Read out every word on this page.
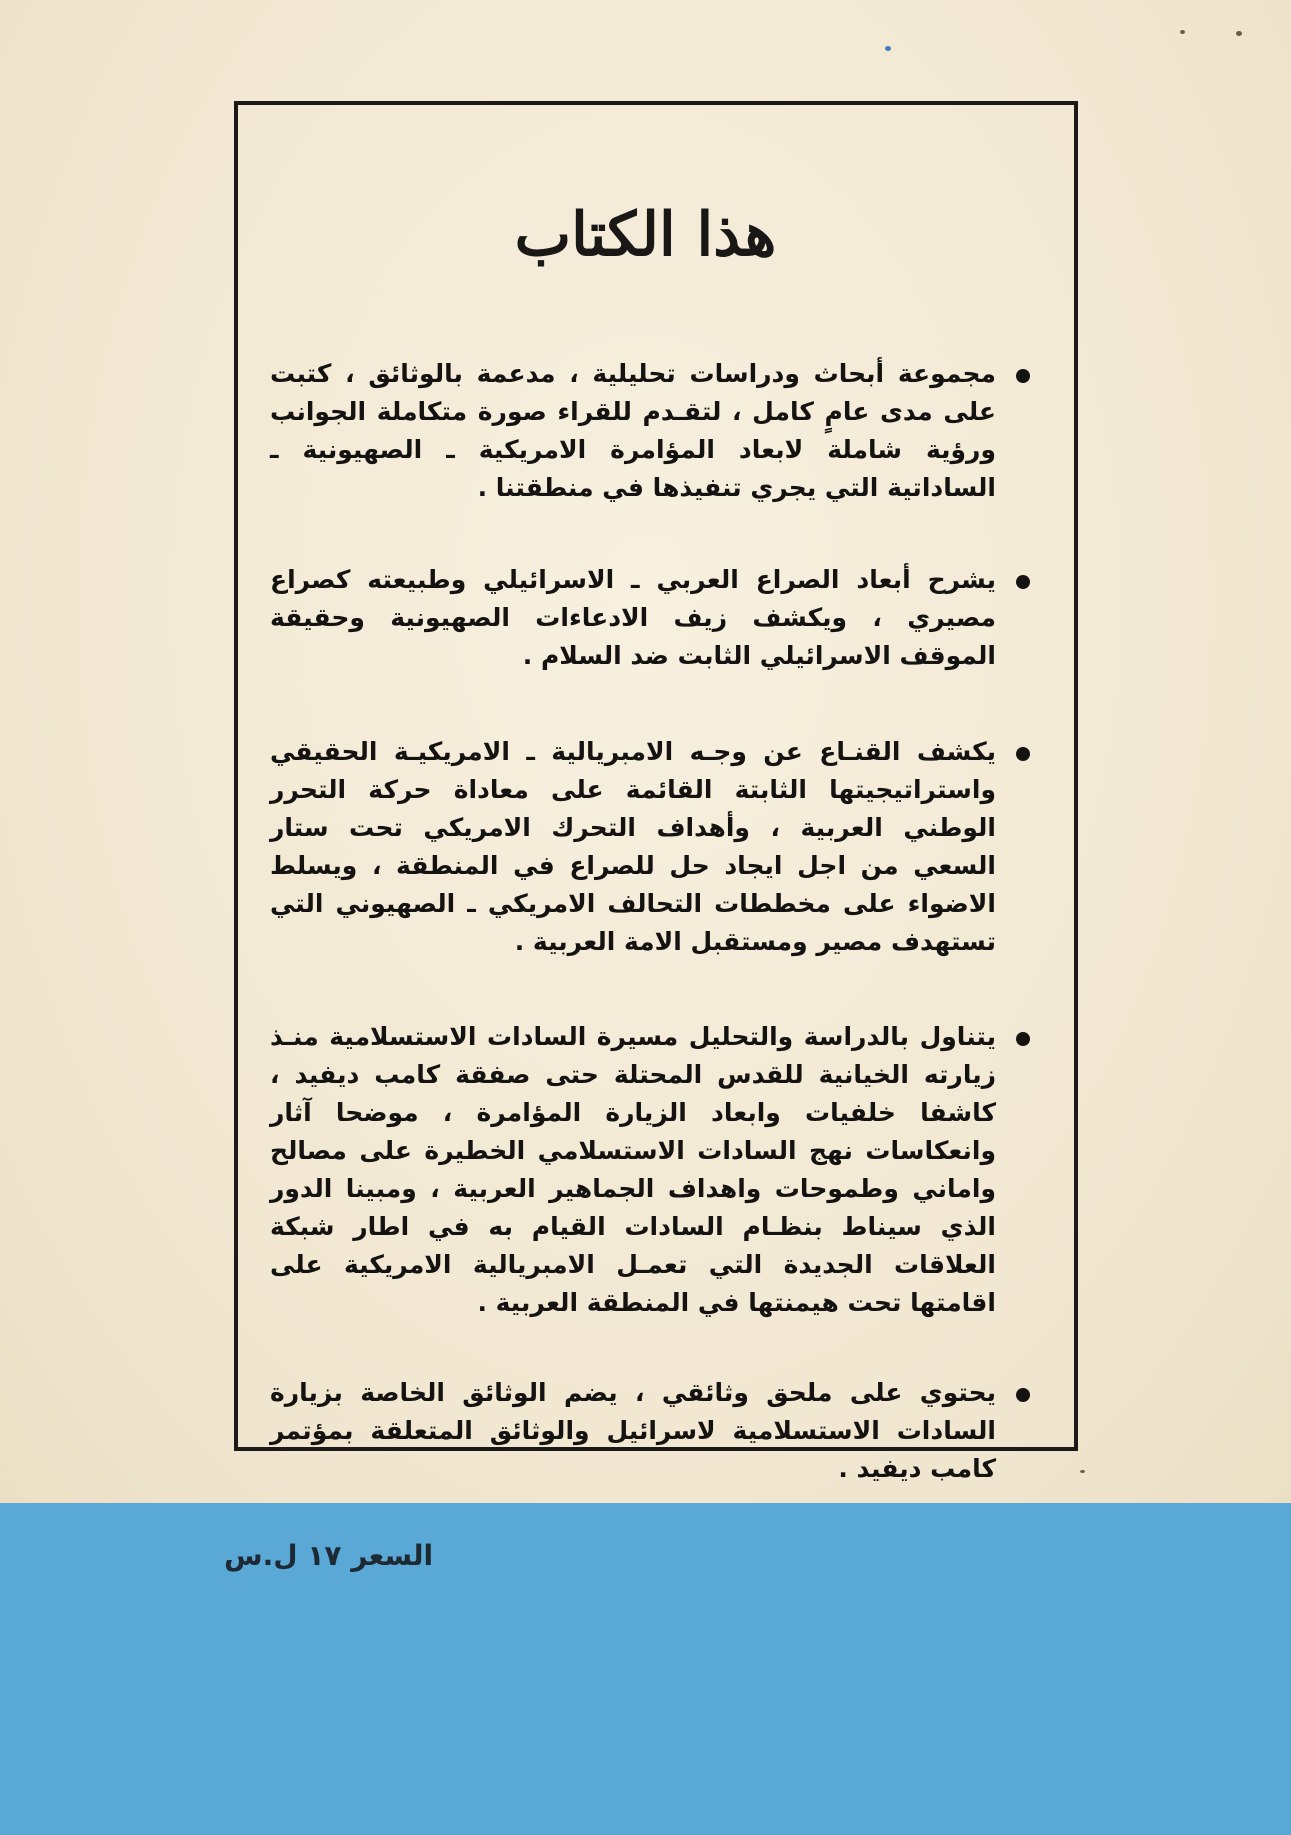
هذا الكتاب
مجموعة أبحاث ودراسات تحليلية ، مدعمة بالوثائق ، كتبت على مدى عامٍ كامل ، لتقـدم للقراء صورة متكاملة الجوانب ورؤية شاملة لابعاد المؤامرة الامريكية ـ الصهيونية ـ الساداتية التي يجري تنفيذها في منطقتنا .
يشرح أبعاد الصراع العربي ـ الاسرائيلي وطبيعته كصراع مصيري ، ويكشف زيف الادعاءات الصهيونية وحقيقة الموقف الاسرائيلي الثابت ضد السلام .
يكشف القنـاع عن وجـه الامبريالية ـ الامريكيـة الحقيقي واستراتيجيتها الثابتة القائمة على معاداة حركة التحرر الوطني العربية ، وأهداف التحرك الامريكي تحت ستار السعي من اجل ايجاد حل للصراع في المنطقة ، ويسلط الاضواء على مخططات التحالف الامريكي ـ الصهيوني التي تستهدف مصير ومستقبل الامة العربية .
يتناول بالدراسة والتحليل مسيرة السادات الاستسلامية منـذ زيارته الخيانية للقدس المحتلة حتى صفقة كامب ديفيد ، كاشفا خلفيات وابعاد الزيارة المؤامرة ، موضحا آثار وانعكاسات نهج السادات الاستسلامي الخطيرة على مصالح واماني وطموحات واهداف الجماهير العربية ، ومبينا الدور الذي سيناط بنظـام السادات القيام به في اطار شبكة العلاقات الجديدة التي تعمـل الامبريالية الامريكية على اقامتها تحت هيمنتها في المنطقة العربية .
يحتوي على ملحق وثائقي ، يضم الوثائق الخاصة بزيارة السادات الاستسلامية لاسرائيل والوثائق المتعلقة بمؤتمر كامب ديفيد .
السعر ١٧ ل.س
